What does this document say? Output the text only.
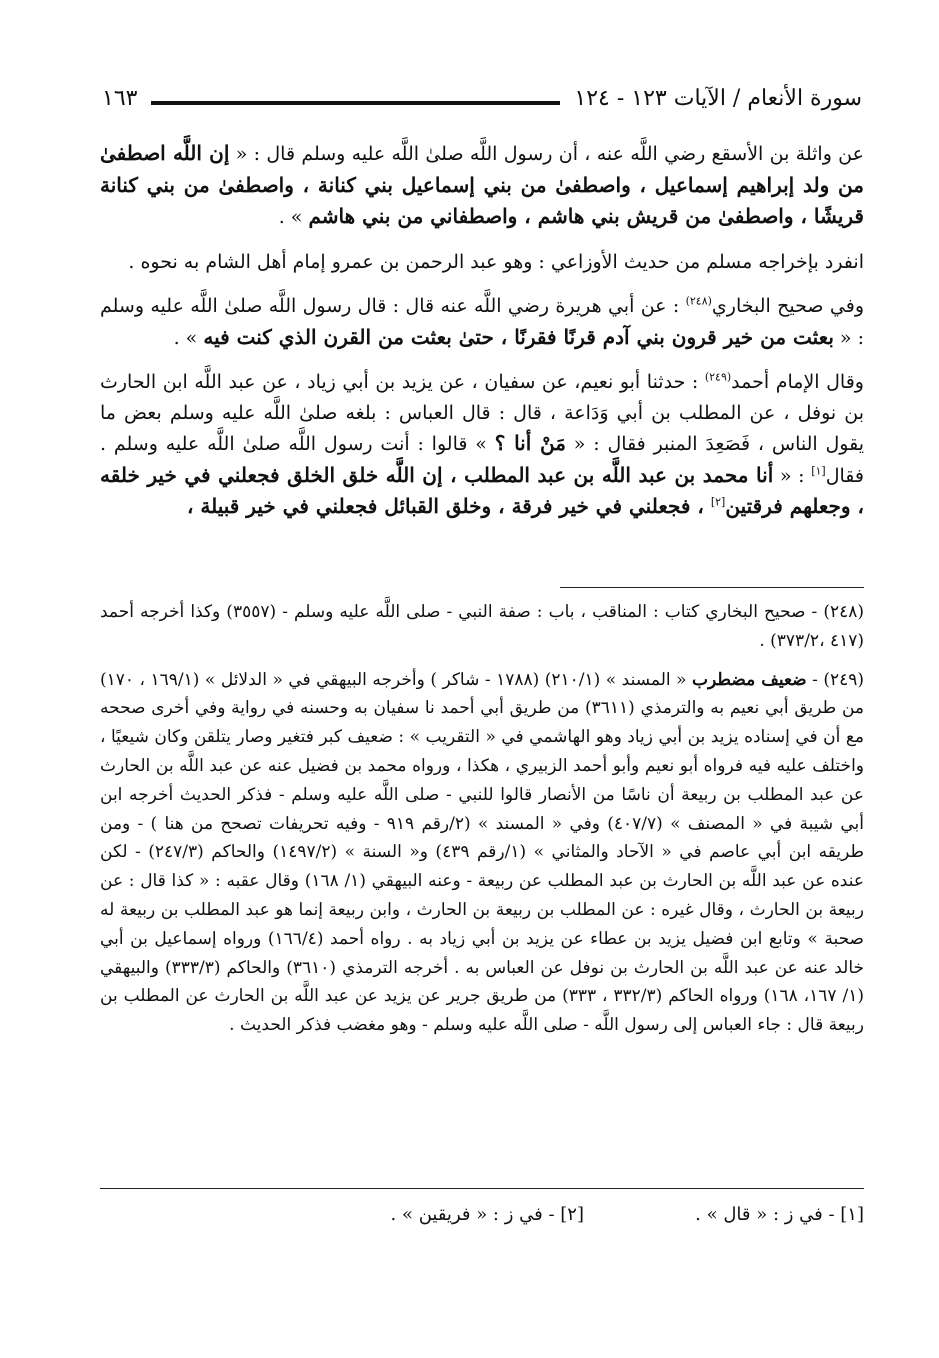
سورة الأنعام / الآيات ١٢٣ - ١٢٤
١٦٣

عن واثلة بن الأسقع رضي اللَّه عنه ، أن رسول اللَّه صلىٰ اللَّه عليه وسلم قال : « إن اللَّه اصطفىٰ من ولد إبراهيم إسماعيل ، واصطفىٰ من بني إسماعيل بني كنانة ، واصطفىٰ من بني كنانة قريشًا ، واصطفىٰ من قريش بني هاشم ، واصطفاني من بني هاشم » .

انفرد بإخراجه مسلم من حديث الأوزاعي : وهو عبد الرحمن بن عمرو إمام أهل الشام به نحوه .

وفي صحيح البخاري$^{(٢٤٨)}$ : عن أبي هريرة رضي اللَّه عنه قال : قال رسول اللَّه صلىٰ اللَّه عليه وسلم : « بعثت من خير قرون بني آدم قرنًا فقرنًا ، حتىٰ بعثت من القرن الذي كنت فيه » .

وقال الإمام أحمد$^{(٢٤٩)}$ : حدثنا أبو نعيم، عن سفيان ، عن يزيد بن أبي زياد ، عن عبد اللَّه ابن الحارث بن نوفل ، عن المطلب بن أبي وَدَاعة ، قال : قال العباس : بلغه صلىٰ اللَّه عليه وسلم بعض ما يقول الناس ، فَصَعِدَ المنبر فقال : « مَنْ أنا ؟ » قالوا : أنت رسول اللَّه صلىٰ اللَّه عليه وسلم . فقال[١] : « أنا محمد بن عبد اللَّه بن عبد المطلب ، إن اللَّه خلق الخلق فجعلني في خير خلقه ، وجعلهم فرقتين[٢] ، فجعلني في خير فرقة ، وخلق القبائل فجعلني في خير قبيلة ،

(٢٤٨) - صحيح البخاري كتاب : المناقب ، باب : صفة النبي - صلى اللَّه عليه وسلم - (٣٥٥٧) وكذا أخرجه أحمد (٤١٧ ،٣٧٣/٢) .

(٢٤٩) - ضعيف مضطرب « المسند » (٢١٠/١) (١٧٨٨ - شاكر ) وأخرجه البيهقي في « الدلائل » (١٦٩/١ ، ١٧٠) من طريق أبي نعيم به والترمذي (٣٦١١) من طريق أبي أحمد نا سفيان به وحسنه في رواية وفي أخرى صححه مع أن في إسناده يزيد بن أبي زياد وهو الهاشمي في « التقريب » : ضعيف كبر فتغير وصار يتلقن وكان شيعيًا ، واختلف عليه فيه فرواه أبو نعيم وأبو أحمد الزبيري ، هكذا ، ورواه محمد بن فضيل عنه عن عبد اللَّه بن الحارث عن عبد المطلب بن ربيعة أن ناسًا من الأنصار قالوا للنبي - صلى اللَّه عليه وسلم - فذكر الحديث أخرجه ابن أبي شيبة في « المصنف » (٤٠٧/٧) وفي « المسند » (٢/رقم ٩١٩ - وفيه تحريفات تصحح من هنا ) - ومن طريقه ابن أبي عاصم في « الآحاد والمثاني » (١/رقم ٤٣٩) و« السنة » (١٤٩٧/٢) والحاكم (٢٤٧/٣) - لكن عنده عن عبد اللَّه بن الحارث بن عبد المطلب عن ربيعة - وعنه البيهقي (١/ ١٦٨) وقال عقبه : « كذا قال : عن ربيعة بن الحارث ، وقال غيره : عن المطلب بن ربيعة بن الحارث ، وابن ربيعة إنما هو عبد المطلب بن ربيعة له صحبة » وتابع ابن فضيل يزيد بن عطاء عن يزيد بن أبي زياد به . رواه أحمد (١٦٦/٤) ورواه إسماعيل بن أبي خالد عنه عن عبد اللَّه بن الحارث بن نوفل عن العباس به . أخرجه الترمذي (٣٦١٠) والحاكم (٣٣٣/٣) والبيهقي (١/ ١٦٧، ١٦٨) ورواه الحاكم (٣٣٢/٣ ، ٣٣٣) من طريق جرير عن يزيد عن عبد اللَّه بن الحارث عن المطلب بن ربيعة قال : جاء العباس إلى رسول اللَّه - صلى اللَّه عليه وسلم - وهو مغضب فذكر الحديث .

[١] - في ز : « قال » .
[٢] - في ز : « فريقين » .
